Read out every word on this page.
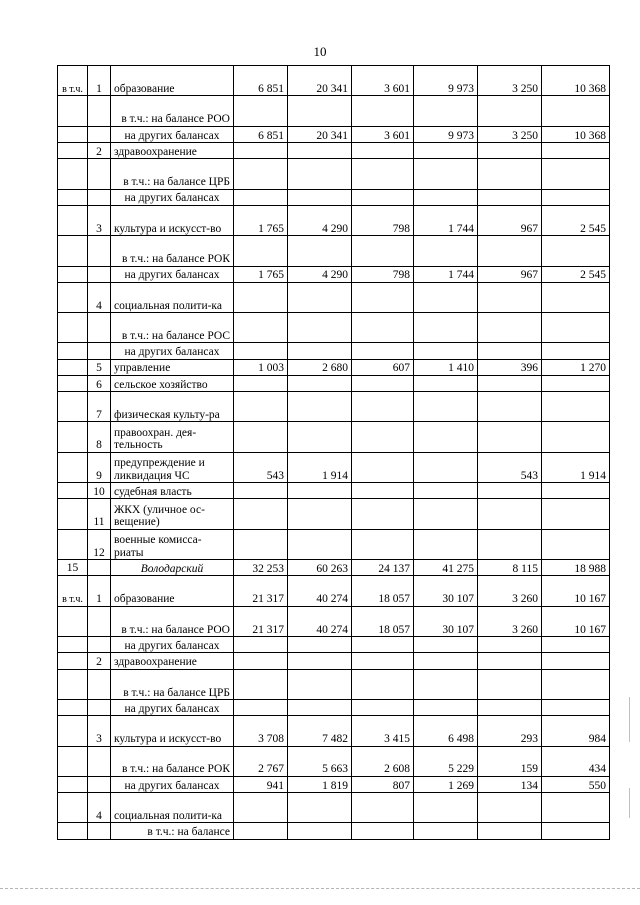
10
в т.ч.	1	образование	6 851	20 341	3 601	9 973	3 250	10 368
		в т.ч.: на балансе РОО						
		на других балансах	6 851	20 341	3 601	9 973	3 250	10 368
	2	здравоохранение						
		в т.ч.: на балансе ЦРБ						
		на других балансах						
	3	культура и искусст-во	1 765	4 290	798	1 744	967	2 545
		в т.ч.: на балансе РОК						
		на других балансах	1 765	4 290	798	1 744	967	2 545
	4	социальная полити-ка						
		в т.ч.: на балансе РОС						
		на других балансах						
	5	управление	1 003	2 680	607	1 410	396	1 270
	6	сельское хозяйство						
	7	физическая культу-ра						
	8	правоохран. дея-тельность						
	9	предупреждение и ликвидация ЧС	543	1 914			543	1 914
	10	судебная власть						
	11	ЖКХ (уличное ос-вещение)						
	12	военные комисса-риаты						
15		Володарский	32 253	60 263	24 137	41 275	8 115	18 988
в т.ч.	1	образование	21 317	40 274	18 057	30 107	3 260	10 167
		в т.ч.: на балансе РОО	21 317	40 274	18 057	30 107	3 260	10 167
		на других балансах						
	2	здравоохранение						
		в т.ч.: на балансе ЦРБ						
		на других балансах						
	3	культура и искусст-во	3 708	7 482	3 415	6 498	293	984
		в т.ч.: на балансе РОК	2 767	5 663	2 608	5 229	159	434
		на других балансах	941	1 819	807	1 269	134	550
	4	социальная полити-ка						
		в т.ч.: на балансе						
